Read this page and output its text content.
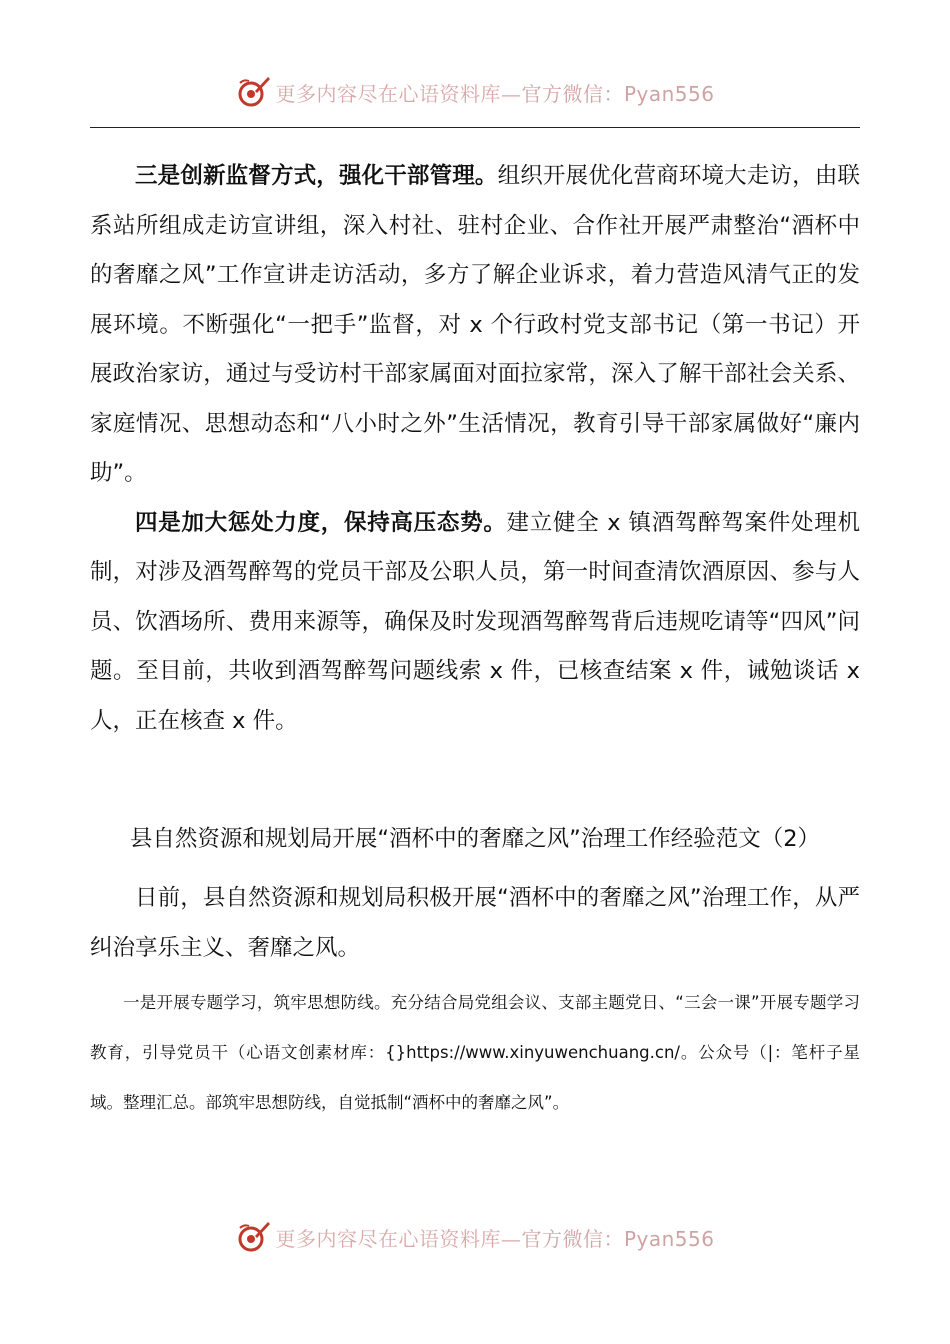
更多内容尽在心语资料库—官方微信：Pyan556

三是创新监督方式，强化干部管理。组织开展优化营商环境大走访，由联系站所组成走访宣讲组，深入村社、驻村企业、合作社开展严肃整治“酒杯中的奢靡之风”工作宣讲走访活动，多方了解企业诉求，着力营造风清气正的发展环境。不断强化“一把手”监督，对 x 个行政村党支部书记（第一书记）开展政治家访，通过与受访村干部家属面对面拉家常，深入了解干部社会关系、家庭情况、思想动态和“八小时之外”生活情况，教育引导干部家属做好“廉内助”。

四是加大惩处力度，保持高压态势。建立健全 x 镇酒驾醉驾案件处理机制，对涉及酒驾醉驾的党员干部及公职人员，第一时间查清饮酒原因、参与人员、饮酒场所、费用来源等，确保及时发现酒驾醉驾背后违规吃请等“四风”问题。至目前，共收到酒驾醉驾问题线索 x 件，已核查结案 x 件，诫勉谈话 x 人，正在核查 x 件。

县自然资源和规划局开展“酒杯中的奢靡之风”治理工作经验范文（2）

日前，县自然资源和规划局积极开展“酒杯中的奢靡之风”治理工作，从严纠治享乐主义、奢靡之风。

一是开展专题学习，筑牢思想防线。充分结合局党组会议、支部主题党日、“三会一课”开展专题学习教育，引导党员干（心语文创素材库：{}https://www.xinyuwenchuang.cn/。公众号（|：笔杆子星域。整理汇总。部筑牢思想防线，自觉抵制“酒杯中的奢靡之风”。

更多内容尽在心语资料库—官方微信：Pyan556
